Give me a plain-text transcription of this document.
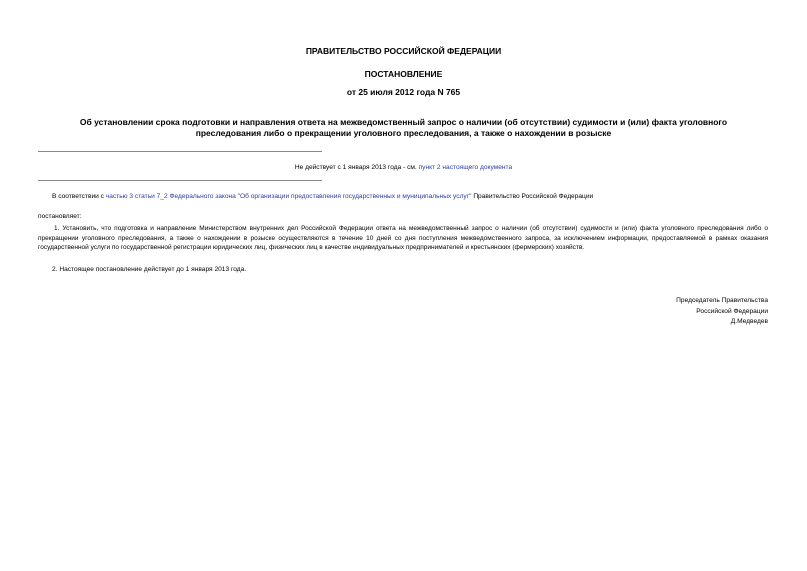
ПРАВИТЕЛЬСТВО РОССИЙСКОЙ ФЕДЕРАЦИИ

ПОСТАНОВЛЕНИЕ

от 25 июля 2012 года N 765

Об установлении срока подготовки и направления ответа на межведомственный запрос о наличии (об отсутствии) судимости и (или) факта уголовного преследования либо о прекращении уголовного преследования, а также о нахождении в розыске

Не действует с 1 января 2013 года - см. пункт 2 настоящего документа

В соответствии с частью 3 статьи 7_2 Федерального закона "Об организации предоставления государственных и муниципальных услуг" Правительство Российской Федерации

постановляет:

1. Установить, что подготовка и направление Министерством внутренних дел Российской Федерации ответа на межведомственный запрос о наличии (об отсутствии) судимости и (или) факта уголовного преследования либо о прекращении уголовного преследования, а также о нахождении в розыске осуществляются в течение 10 дней со дня поступления межведомственного запроса, за исключением информации, предоставляемой в рамках оказания государственной услуги по государственной регистрации юридических лиц, физических лиц в качестве индивидуальных предпринимателей и крестьянских (фермерских) хозяйств.

2. Настоящее постановление действует до 1 января 2013 года.

Председатель Правительства
Российской Федерации
Д.Медведев
